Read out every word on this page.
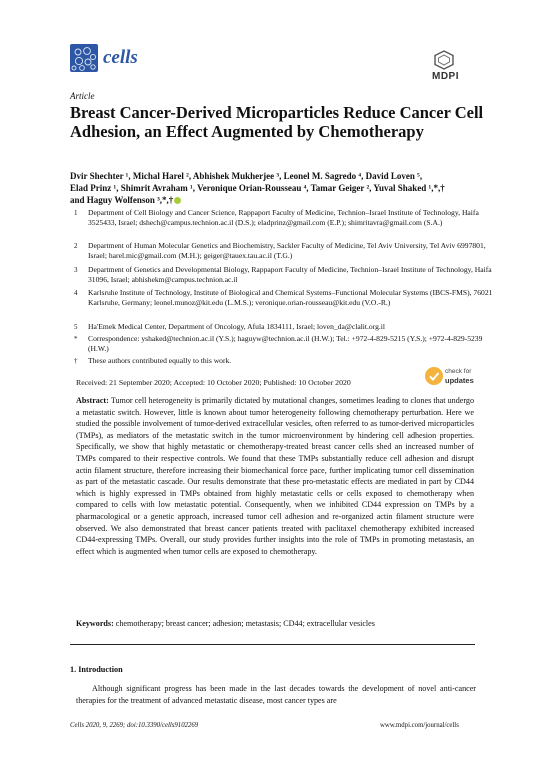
cells
MDPI
Article
Breast Cancer-Derived Microparticles Reduce Cancer Cell Adhesion, an Effect Augmented by Chemotherapy
Dvir Shechter ¹, Michal Harel ², Abhishek Mukherjee ³, Leonel M. Sagredo ⁴, David Loven ⁵,
Elad Prinz ¹, Shimrit Avraham ¹, Veronique Orian-Rousseau ⁴, Tamar Geiger ², Yuval Shaked ¹,*,†
and Haguy Wolfenson ³,*,†
1	Department of Cell Biology and Cancer Science, Rappaport Faculty of Medicine, Technion–Israel Institute of Technology, Haifa 3525433, Israel; dshech@campus.technion.ac.il (D.S.); eladprinz@gmail.com (E.P.); shimritavra@gmail.com (S.A.)
2	Department of Human Molecular Genetics and Biochemistry, Sackler Faculty of Medicine, Tel Aviv University, Tel Aviv 6997801, Israel; harel.mic@gmail.com (M.H.); geiger@tauex.tau.ac.il (T.G.)
3	Department of Genetics and Developmental Biology, Rappaport Faculty of Medicine, Technion–Israel Institute of Technology, Haifa 31096, Israel; abhishekm@campus.technion.ac.il
4	Karlsruhe Institute of Technology, Institute of Biological and Chemical Systems–Functional Molecular Systems (IBCS-FMS), 76021 Karlsruhe, Germany; leonel.munoz@kit.edu (L.M.S.); veronique.orian-rousseau@kit.edu (V.O.-R.)
5	Ha'Emek Medical Center, Department of Oncology, Afula 1834111, Israel; loven_da@clalit.org.il
*	Correspondence: yshaked@technion.ac.il (Y.S.); haguyw@technion.ac.il (H.W.); Tel.: +972-4-829-5215 (Y.S.); +972-4-829-5239 (H.W.)
†	These authors contributed equally to this work.
Received: 21 September 2020; Accepted: 10 October 2020; Published: 10 October 2020
check for
updates
Abstract: Tumor cell heterogeneity is primarily dictated by mutational changes, sometimes leading to clones that undergo a metastatic switch. However, little is known about tumor heterogeneity following chemotherapy perturbation. Here we studied the possible involvement of tumor-derived extracellular vesicles, often referred to as tumor-derived microparticles (TMPs), as mediators of the metastatic switch in the tumor microenvironment by hindering cell adhesion properties. Specifically, we show that highly metastatic or chemotherapy-treated breast cancer cells shed an increased number of TMPs compared to their respective controls. We found that these TMPs substantially reduce cell adhesion and disrupt actin filament structure, therefore increasing their biomechanical force pace, further implicating tumor cell dissemination as part of the metastatic cascade. Our results demonstrate that these pro-metastatic effects are mediated in part by CD44 which is highly expressed in TMPs obtained from highly metastatic cells or cells exposed to chemotherapy when compared to cells with low metastatic potential. Consequently, when we inhibited CD44 expression on TMPs by a pharmacological or a genetic approach, increased tumor cell adhesion and re-organized actin filament structure were observed. We also demonstrated that breast cancer patients treated with paclitaxel chemotherapy exhibited increased CD44-expressing TMPs. Overall, our study provides further insights into the role of TMPs in promoting metastasis, an effect which is augmented when tumor cells are exposed to chemotherapy.
Keywords: chemotherapy; breast cancer; adhesion; metastasis; CD44; extracellular vesicles
1. Introduction
Although significant progress has been made in the last decades towards the development of novel anti-cancer therapies for the treatment of advanced metastatic disease, most cancer types are
Cells 2020, 9, 2269; doi:10.3390/cells9102269	www.mdpi.com/journal/cells
